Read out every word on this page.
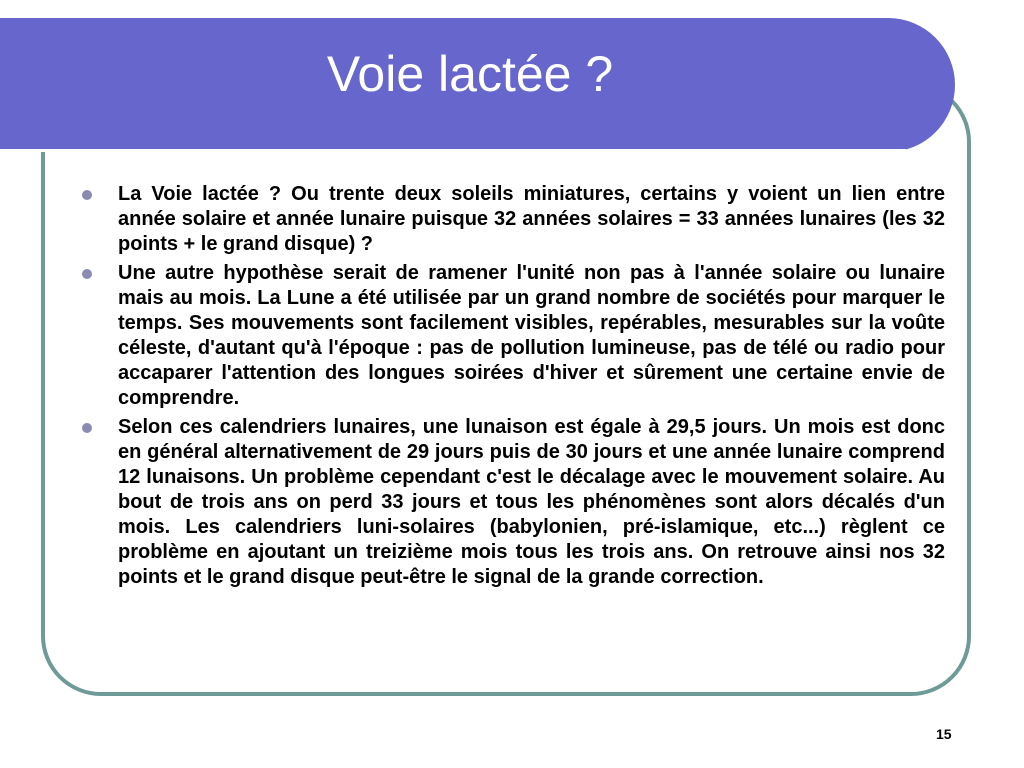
Voie lactée ?
La Voie lactée ? Ou trente deux soleils miniatures, certains y voient un lien entre année solaire et année lunaire puisque 32 années solaires = 33 années lunaires (les 32 points + le grand disque) ?
Une autre hypothèse serait de ramener l'unité non pas à l'année solaire ou lunaire mais au mois. La Lune a été utilisée par un grand nombre de sociétés pour marquer le temps. Ses mouvements sont facilement visibles, repérables, mesurables sur la voûte céleste, d'autant qu'à l'époque : pas de pollution lumineuse, pas de télé ou radio pour accaparer l'attention des longues soirées d'hiver et sûrement une certaine envie de comprendre.
Selon ces calendriers lunaires, une lunaison est égale à 29,5 jours. Un mois est donc en général alternativement de 29 jours puis de 30 jours et une année lunaire comprend 12 lunaisons. Un problème cependant c'est le décalage avec le mouvement solaire. Au bout de trois ans on perd 33 jours et tous les phénomènes sont alors décalés d'un mois. Les calendriers luni-solaires (babylonien, pré-islamique, etc...) règlent ce problème en ajoutant un treizième mois tous les trois ans. On retrouve ainsi nos 32 points et le grand disque peut-être le signal de la grande correction.
15
